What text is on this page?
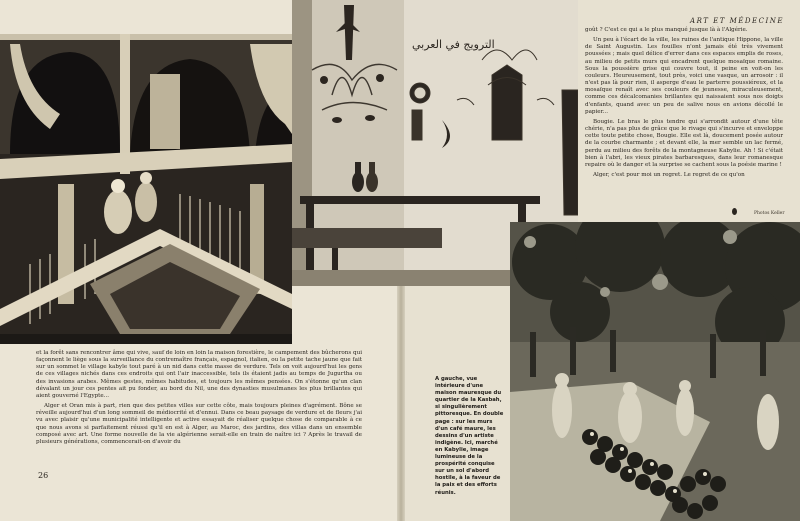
ﺍﻟﺘﺮﻭﻳﺞ ﻓﻲ ﺍﻟﻌﺮﺑﻲ
ART ET MÉDECINE
Photos Keller

et la forêt sans rencontrer âme qui vive, sauf de loin en loin la maison forestière, le campement des bûcherons qui façonnent le liège sous la surveillance du contremaître français, espagnol, italien, ou la petite tache jaune que fait sur un sommet le village kabyle tout paré à un nid dans cette masse de verdure. Tels on voit aujourd'hui les gens de ces villages nichés dans ces endroits qui ont l'air inaccessible, tels ils étaient jadis au temps de Jugurtha ou des invasions arabes. Mêmes gestes, mêmes habitudes, et toujours les mêmes pensées. On s'étonne qu'un clan dévalant un jour ces pentes ait pu fonder, au bord du Nil, une des dynasties musulmanes les plus brillantes qui aient gouverné l'Egypte...

Alger et Oran mis à part, rien que des petites villes sur cette côte, mais toujours pleines d'agrément. Bône se réveille aujourd'hui d'un long sommeil de médiocrité et d'ennui. Dans ce beau paysage de verdure et de fleurs j'ai vu avec plaisir qu'une municipalité intelligente et active essayait de réaliser quelque chose de comparable à ce que nous avons si parfaitement réussi qu'il en est à Alger, au Maroc, des jardins, des villas dans un ensemble composé avec art. Une forme nouvelle de la vie algérienne serait-elle en train de naître ici ? Après le travail de plusieurs générations, commencerait-on d'avoir du

goût ? C'est ce qui a le plus manqué jusque là à l'Algérie.

Un peu à l'écart de la ville, les ruines de l'antique Hippone, la ville de Saint Augustin. Les fouilles n'ont jamais été très vivement poussées ; mais quel délice d'errer dans ces espaces emplis de roses, au milieu de petits murs qui encadrent quelque mosaïque romaine. Sous la poussière grise qui couvre tout, il peine en voit-on les couleurs. Heureusement, tout près, voici une vasque, un arrosoir : il n'est pas là pour rien, il asperge d'eau le parterre poussiéreux, et la mosaïque renaît avec ses couleurs de jeunesse, miraculeusement, comme ces décalcomanies brillantes qui naissaient sous nos doigts d'enfants, quand avec un peu de salive nous en avions décollé le papier...

Bougie. Le bras le plus tendre qui s'arrondit autour d'une tête chérie, n'a pas plus de grâce que le rivage qui s'incurve et enveloppe cette toute petite chose, Bougie. Elle est là, doucement posée autour de la courbe charmante ; et devant elle, la mer semble un lac fermé, perdu au milieu des forêts de la montagneuse Kabylie. Ah ! Si c'était bien à l'abri, les vieux pirates barbaresques, dans leur romanesque repaire où le danger et la surprise se cachent sous la poésie marine !

Alger, c'est pour moi un regret. Le regret de ce qu'on

A gauche, vue intérieure d'une maison mauresque du quartier de la Kasbah, si singulièrement pittoresque. En double page : sur les murs d'un café maure, les dessins d'un artiste indigène. Ici, marché en Kabylie, image lumineuse de la prospérité conquise sur un sol d'abord hostile, à la faveur de la paix et des efforts réunis.
26
